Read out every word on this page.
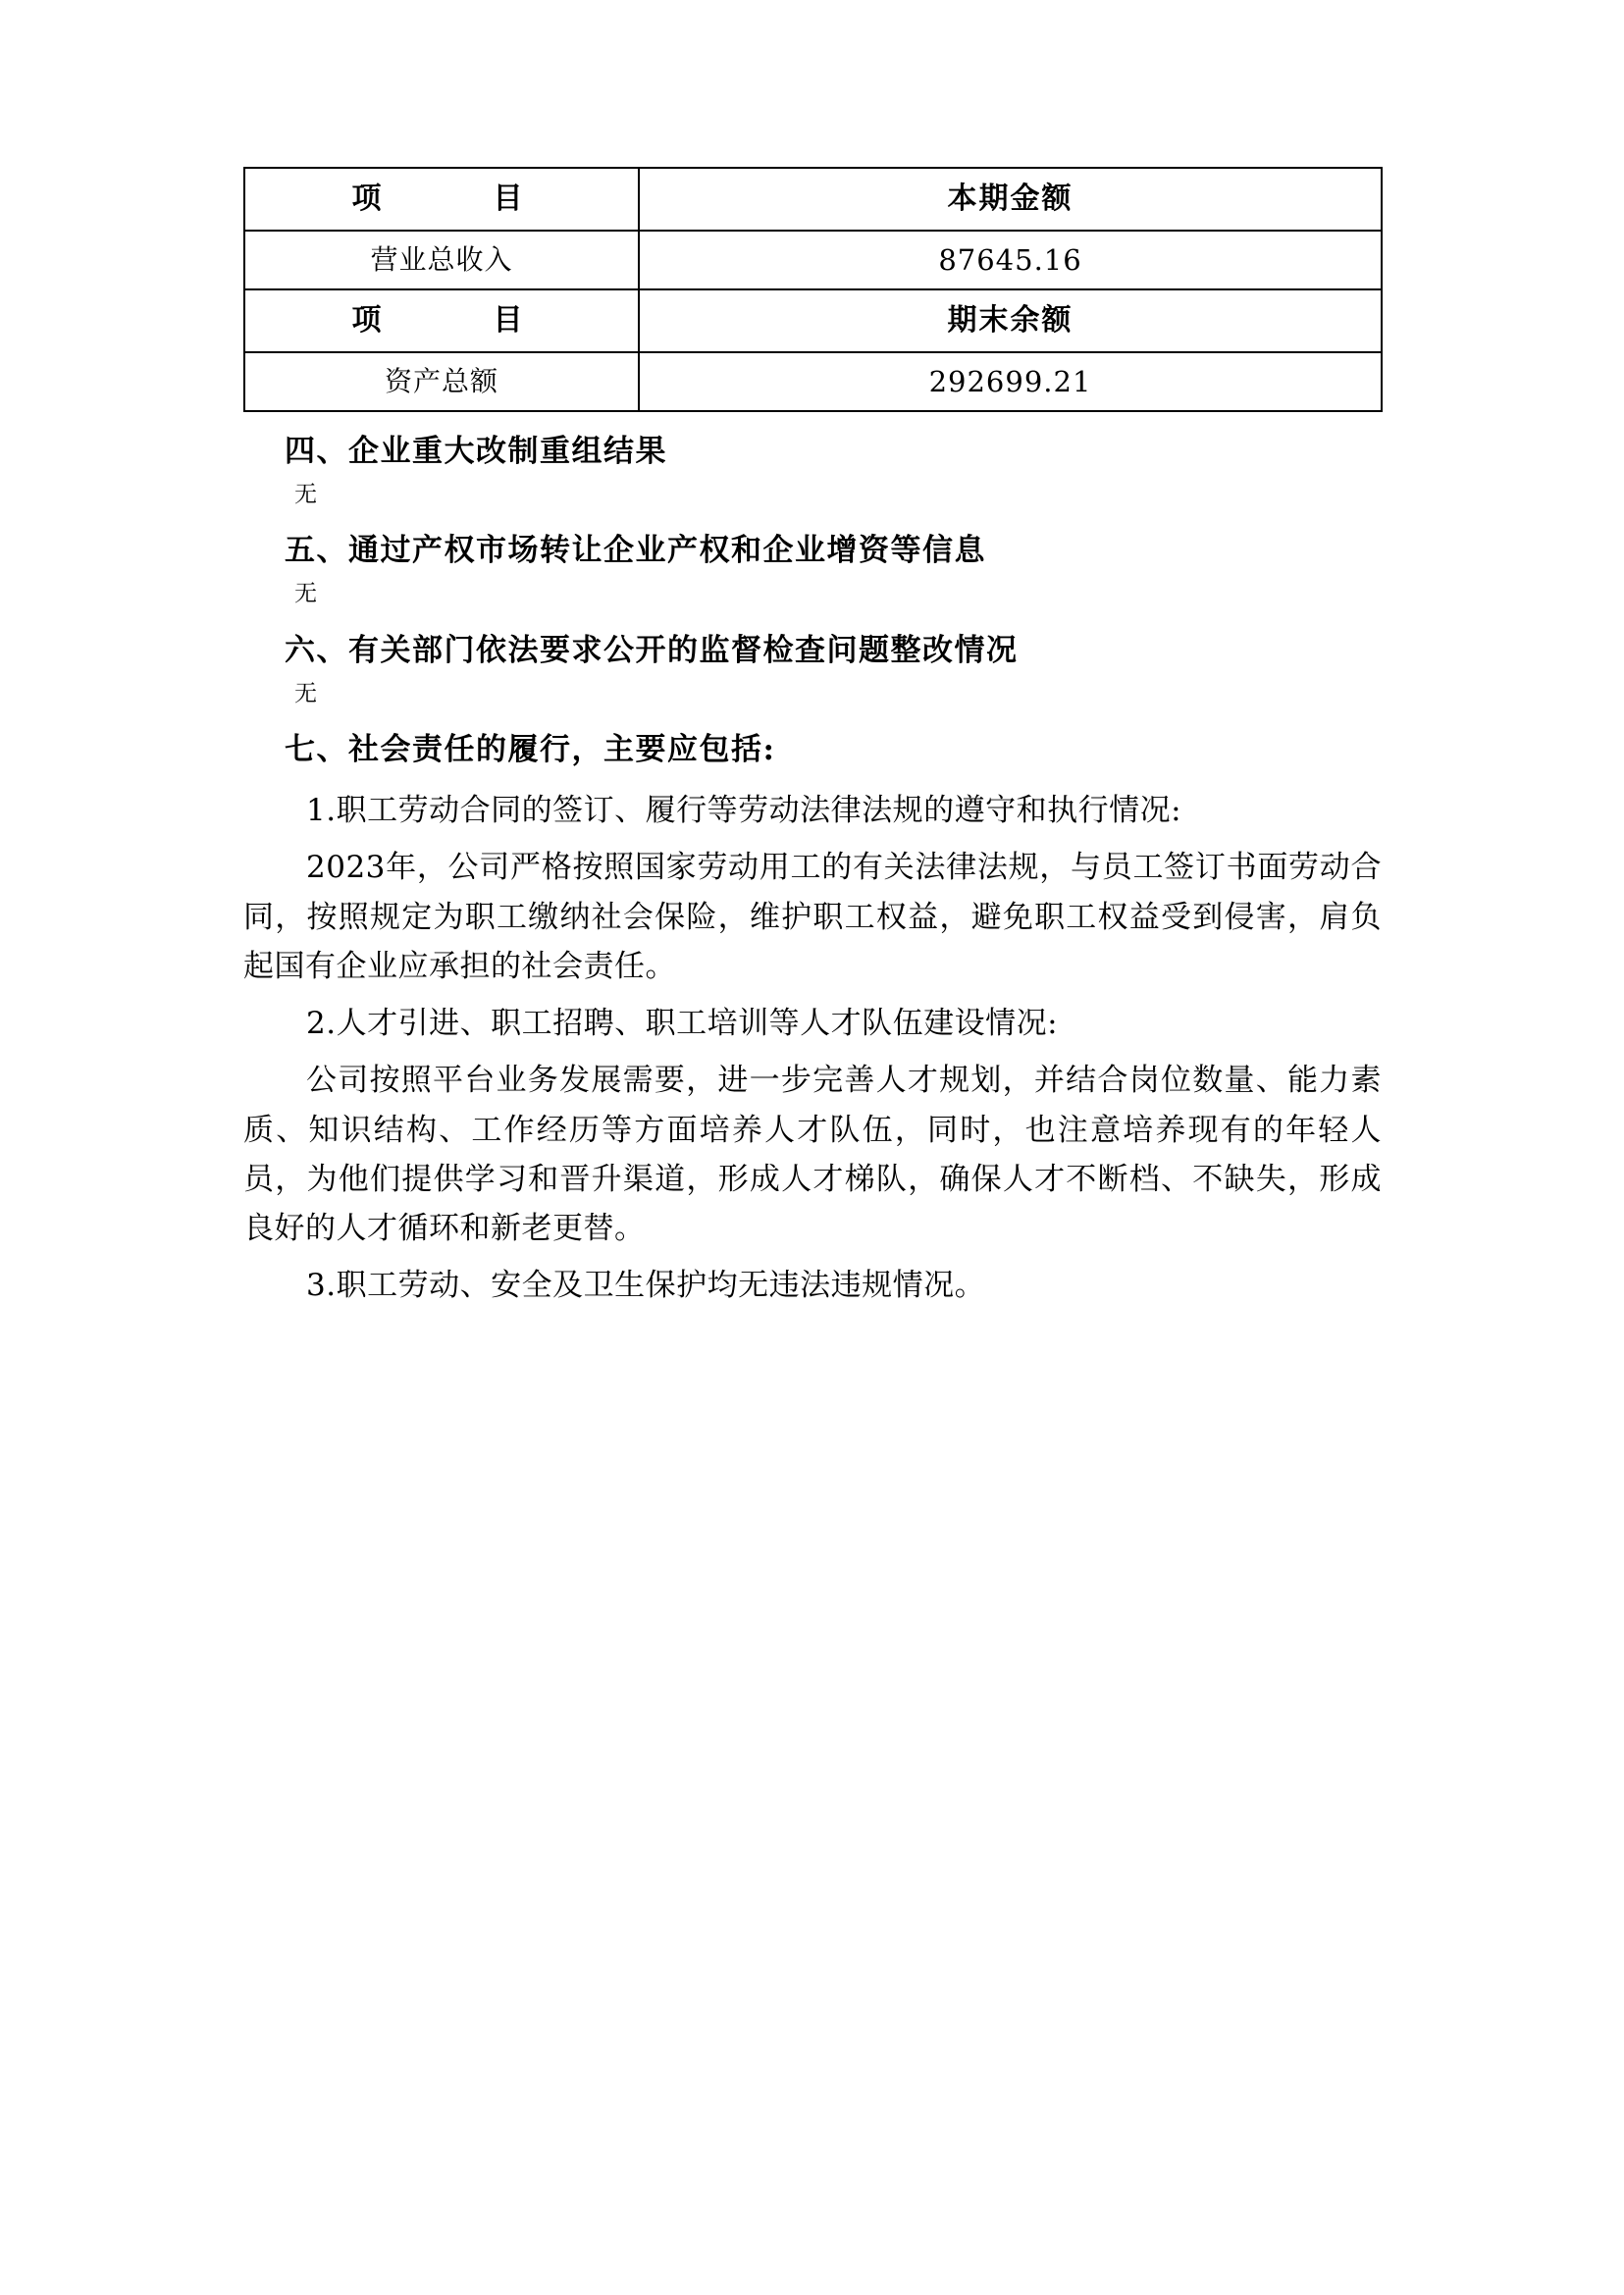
项　　目	本期金额
营业总收入	87645.16
项　　目	期末余额
资产总额	292699.21
四、企业重大改制重组结果

无

五、通过产权市场转让企业产权和企业增资等信息

无

六、有关部门依法要求公开的监督检查问题整改情况

无

七、社会责任的履行，主要应包括:

1.职工劳动合同的签订、履行等劳动法律法规的遵守和执行情况:

2023年，公司严格按照国家劳动用工的有关法律法规，与员工签订书面劳动合同，按照规定为职工缴纳社会保险，维护职工权益，避免职工权益受到侵害，肩负起国有企业应承担的社会责任。

2.人才引进、职工招聘、职工培训等人才队伍建设情况:

公司按照平台业务发展需要，进一步完善人才规划，并结合岗位数量、能力素质、知识结构、工作经历等方面培养人才队伍，同时，也注意培养现有的年轻人员，为他们提供学习和晋升渠道，形成人才梯队，确保人才不断档、不缺失，形成良好的人才循环和新老更替。

3.职工劳动、安全及卫生保护均无违法违规情况。
